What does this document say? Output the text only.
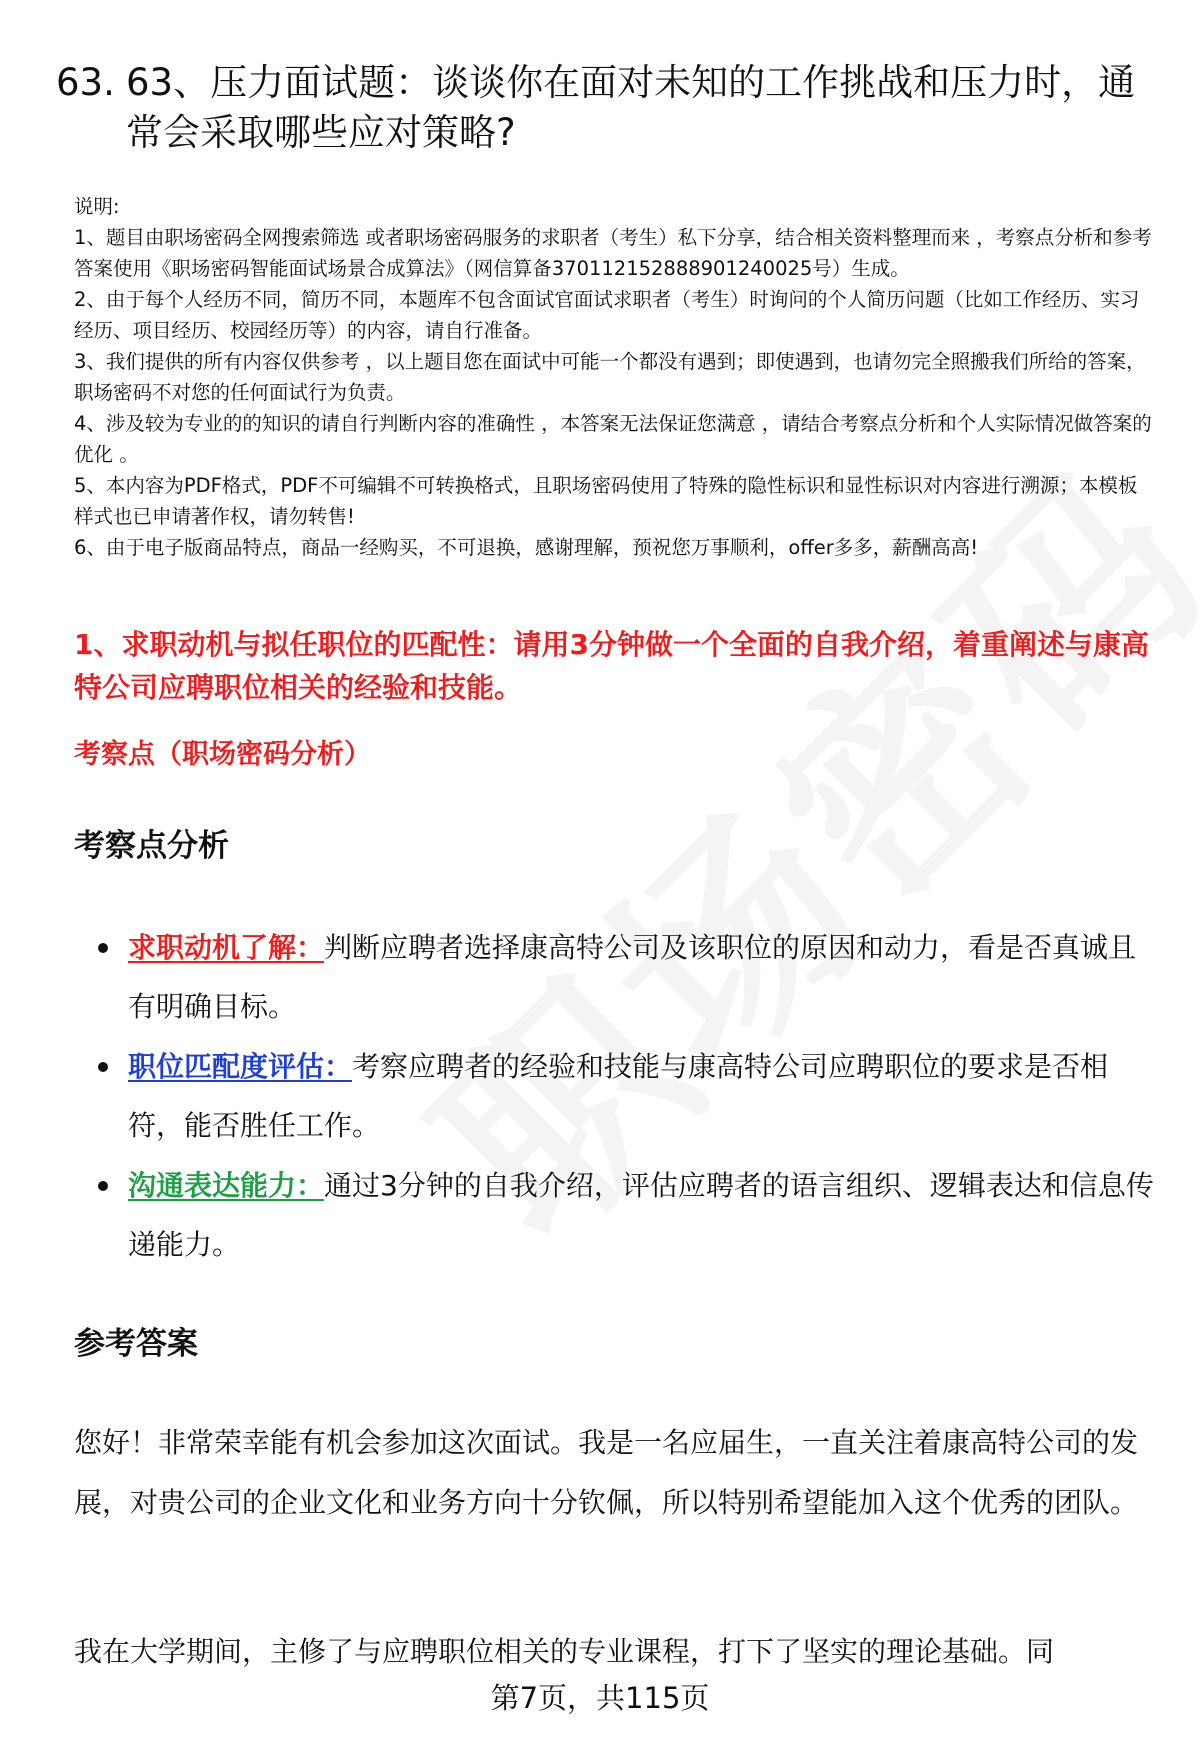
63. 63、压力面试题：谈谈你在面对未知的工作挑战和压力时，通常会采取哪些应对策略?

说明:

1、题目由职场密码全网搜索筛选 或者职场密码服务的求职者（考生）私下分享，结合相关资料整理而来 ，考察点分析和参考答案使用《职场密码智能面试场景合成算法》（网信算备370112152888901240025号）生成。

2、由于每个人经历不同，简历不同，本题库不包含面试官面试求职者（考生）时询问的个人简历问题（比如工作经历、实习经历、项目经历、校园经历等）的内容，请自行准备。

3、我们提供的所有内容仅供参考 ，以上题目您在面试中可能一个都没有遇到；即使遇到，也请勿完全照搬我们所给的答案，职场密码不对您的任何面试行为负责。

4、涉及较为专业的的知识的请自行判断内容的准确性 ，本答案无法保证您满意 ，请结合考察点分析和个人实际情况做答案的优化 。

5、本内容为PDF格式，PDF不可编辑不可转换格式，且职场密码使用了特殊的隐性标识和显性标识对内容进行溯源；本模板样式也已申请著作权，请勿转售!

6、由于电子版商品特点，商品一经购买，不可退换，感谢理解，预祝您万事顺利，offer多多，薪酬高高!

1、求职动机与拟任职位的匹配性：请用3分钟做一个全面的自我介绍，着重阐述与康高特公司应聘职位相关的经验和技能。
考察点（职场密码分析）
考察点分析
求职动机了解：判断应聘者选择康高特公司及该职位的原因和动力，看是否真诚且有明确目标。
职位匹配度评估：考察应聘者的经验和技能与康高特公司应聘职位的要求是否相符，能否胜任工作。
沟通表达能力：通过3分钟的自我介绍，评估应聘者的语言组织、逻辑表达和信息传递能力。
参考答案

您好！非常荣幸能有机会参加这次面试。我是一名应届生，一直关注着康高特公司的发展，对贵公司的企业文化和业务方向十分钦佩，所以特别希望能加入这个优秀的团队。

我在大学期间，主修了与应聘职位相关的专业课程，打下了坚实的理论基础。同

第7页，共115页
